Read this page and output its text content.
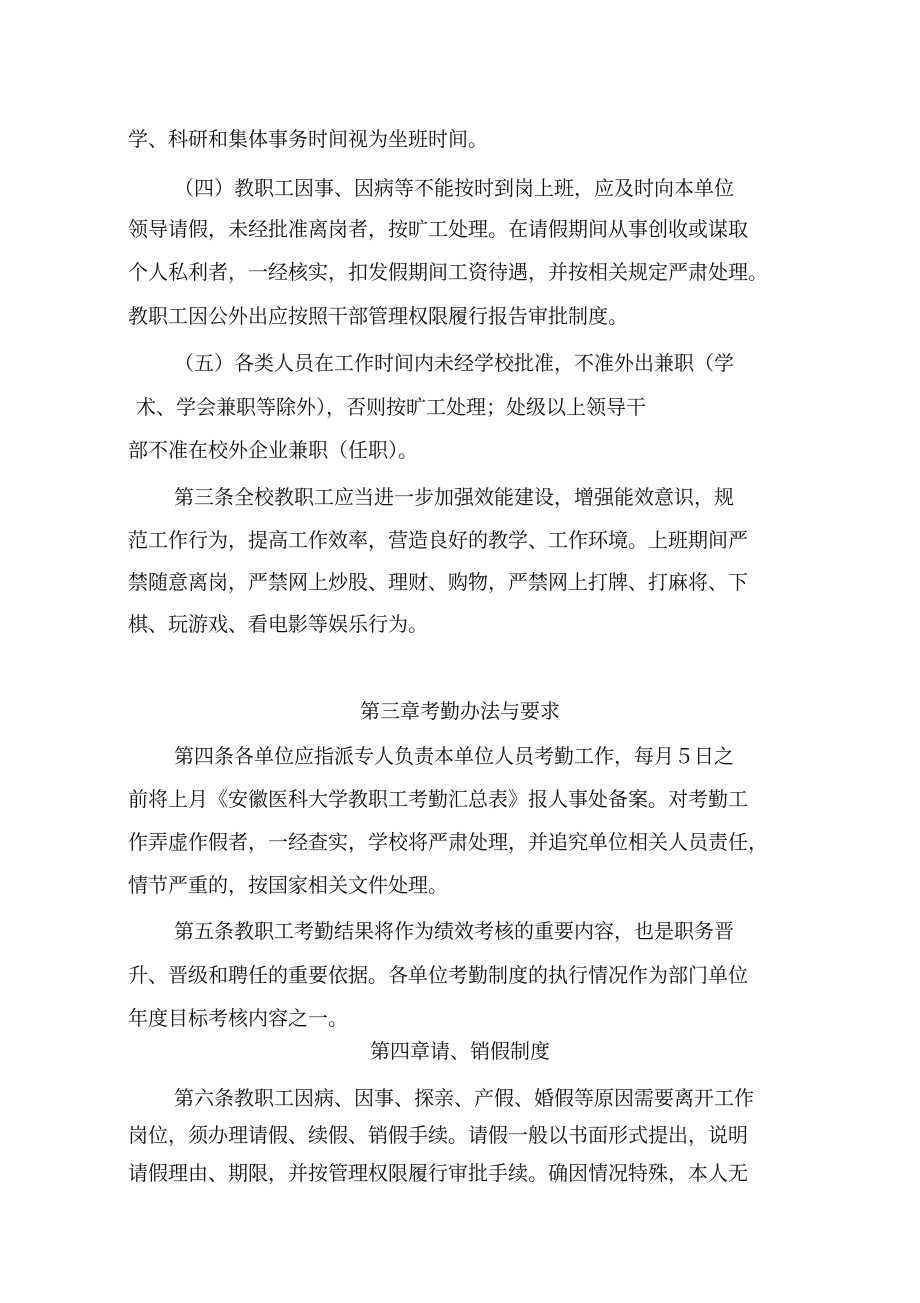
学、科研和集体事务时间视为坐班时间。
（四）教职工因事、因病等不能按时到岗上班，应及时向本单位
领导请假，未经批准离岗者，按旷工处理。在请假期间从事创收或谋取
个人私利者，一经核实，扣发假期间工资待遇，并按相关规定严肃处理。
教职工因公外出应按照干部管理权限履行报告审批制度。
（五）各类人员在工作时间内未经学校批准，不准外出兼职（学
术、学会兼职等除外），否则按旷工处理；处级以上领导干
部不准在校外企业兼职（任职）。
第三条全校教职工应当进一步加强效能建设，增强能效意识，规
范工作行为，提高工作效率，营造良好的教学、工作环境。上班期间严
禁随意离岗，严禁网上炒股、理财、购物，严禁网上打牌、打麻将、下
棋、玩游戏、看电影等娱乐行为。
第三章考勤办法与要求
第四条各单位应指派专人负责本单位人员考勤工作，每月５日之
前将上月《安徽医科大学教职工考勤汇总表》报人事处备案。对考勤工
作弄虚作假者，一经查实，学校将严肃处理，并追究单位相关人员责任，
情节严重的，按国家相关文件处理。
第五条教职工考勤结果将作为绩效考核的重要内容，也是职务晋
升、晋级和聘任的重要依据。各单位考勤制度的执行情况作为部门单位
年度目标考核内容之一。
第四章请、销假制度
第六条教职工因病、因事、探亲、产假、婚假等原因需要离开工作
岗位，须办理请假、续假、销假手续。请假一般以书面形式提出，说明
请假理由、期限，并按管理权限履行审批手续。确因情况特殊，本人无
